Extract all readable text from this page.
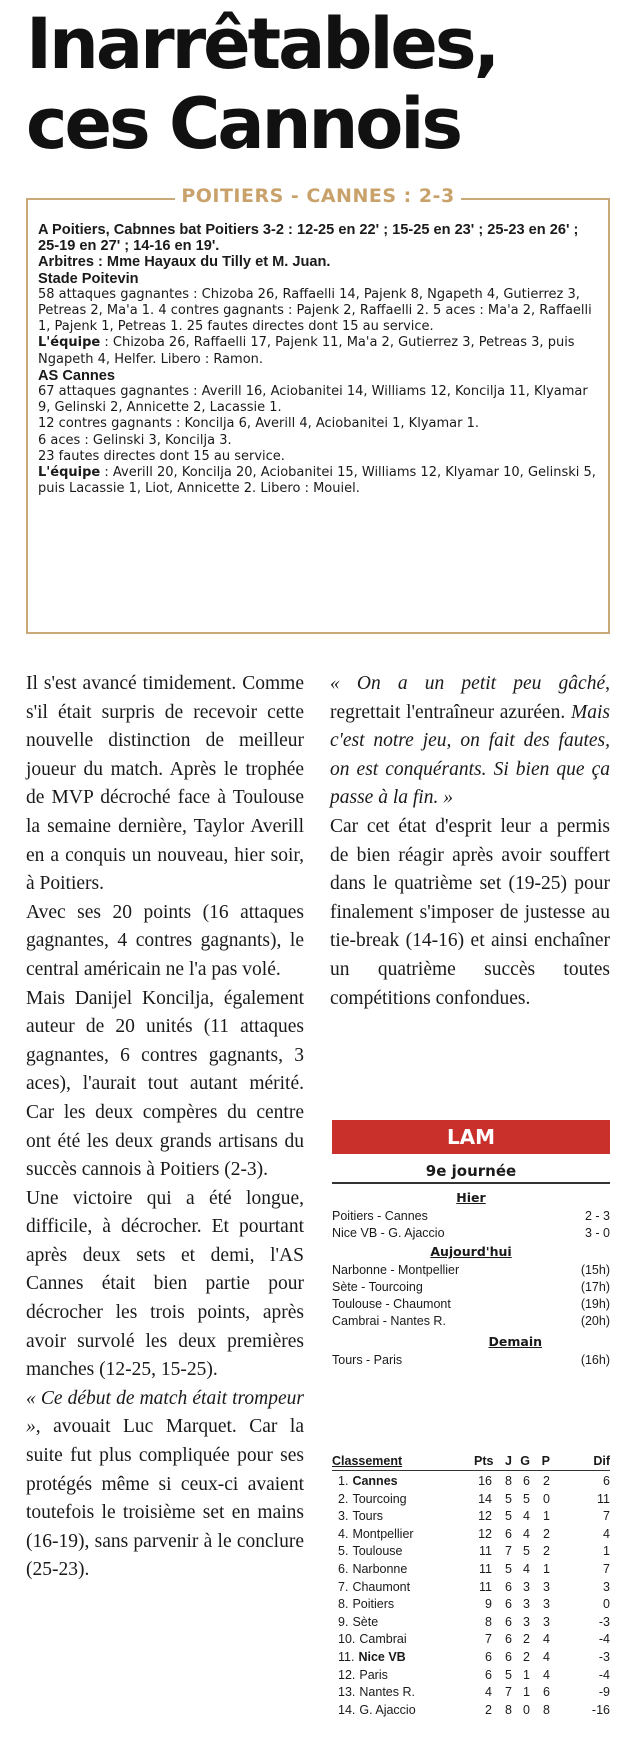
Inarrêtables,
ces Cannois
POITIERS - CANNES : 2-3

A Poitiers, Cabnnes bat Poitiers 3-2 : 12-25 en 22' ; 15-25 en 23' ; 25-23 en 26' ; 25-19 en 27' ; 14-16 en 19'.

Arbitres : Mme Hayaux du Tilly et M. Juan.

Stade Poitevin

58 attaques gagnantes : Chizoba 26, Raffaelli 14, Pajenk 8, Ngapeth 4, Gutierrez 3, Petreas 2, Ma'a 1. 4 contres gagnants : Pajenk 2, Raffaelli 2. 5 aces : Ma'a 2, Raffaelli 1, Pajenk 1, Petreas 1. 25 fautes directes dont 15 au service.

L'équipe : Chizoba 26, Raffaelli 17, Pajenk 11, Ma'a 2, Gutierrez 3, Petreas 3, puis Ngapeth 4, Helfer. Libero : Ramon.

AS Cannes

67 attaques gagnantes : Averill 16, Aciobanitei 14, Williams 12, Koncilja 11, Klyamar 9, Gelinski 2, Annicette 2, Lacassie 1.

12 contres gagnants : Koncilja 6, Averill 4, Aciobanitei 1, Klyamar 1.

6 aces : Gelinski 3, Koncilja 3.

23 fautes directes dont 15 au service.

L'équipe : Averill 20, Koncilja 20, Aciobanitei 15, Williams 12, Klyamar 10, Gelinski 5, puis Lacassie 1, Liot, Annicette 2. Libero : Mouiel.

Il s'est avancé timidement. Comme s'il était surpris de recevoir cette nouvelle distinction de meilleur joueur du match. Après le trophée de MVP décroché face à Toulouse la semaine dernière, Taylor Averill en a conquis un nouveau, hier soir, à Poitiers.

Avec ses 20 points (16 attaques gagnantes, 4 contres gagnants), le central américain ne l'a pas volé.

Mais Danijel Koncilja, également auteur de 20 unités (11 attaques gagnantes, 6 contres gagnants, 3 aces), l'aurait tout autant mérité. Car les deux compères du centre ont été les deux grands artisans du succès cannois à Poitiers (2-3).

Une victoire qui a été longue, difficile, à décrocher. Et pourtant après deux sets et demi, l'AS Cannes était bien partie pour décrocher les trois points, après avoir survolé les deux premières manches (12-25, 15-25).

« Ce début de match était trompeur », avouait Luc Marquet. Car la suite fut plus compliquée pour ses protégés même si ceux-ci avaient toutefois le troisième set en mains (16-19), sans parvenir à le conclure (25-23).

« On a un petit peu gâché, regrettait l'entraîneur azuréen. Mais c'est notre jeu, on fait des fautes, on est conquérants. Si bien que ça passe à la fin. »

Car cet état d'esprit leur a permis de bien réagir après avoir souffert dans le quatrième set (19-25) pour finalement s'imposer de justesse au tie-break (14-16) et ainsi enchaîner un quatrième succès toutes compétitions confondues.

LAM
9e journée
Hier
Poitiers - Cannes	2 - 3
Nice VB - G. Ajaccio	3 - 0
Aujourd'hui
Narbonne - Montpellier	(15h)
Sète - Tourcoing	(17h)
Toulouse - Chaumont	(19h)
Cambrai - Nantes R.	(20h)
Demain
Tours - Paris	(16h)
Classement	Pts J G P	Dif
1. Cannes	16	8 6	2	6
2. Tourcoing	14	5 5	0	11
3. Tours	12	5 4	1	7
4. Montpellier	12	6 4	2	4
5. Toulouse	11	7 5	2	1
6. Narbonne	11	5 4	1	7
7. Chaumont	11	6 3	3	3
8. Poitiers	9	6 3	3	0
9. Sète	8	6 3	3	-3
10. Cambrai	7	6 2	4	-4
11. Nice VB	6	6 2	4	-3
12. Paris	6	5 1	4	-4
13. Nantes R.	4	7 1	6	-9
14. G. Ajaccio	2	8 0	8	-16
